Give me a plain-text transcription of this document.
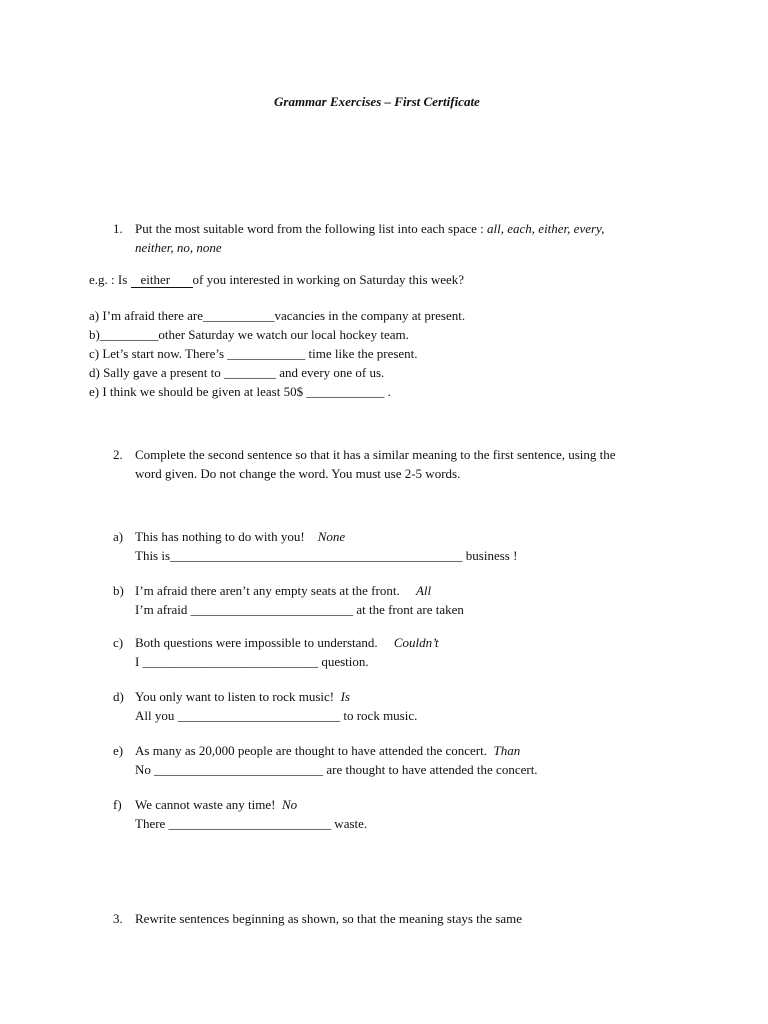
Grammar Exercises – First Certificate
1. Put the most suitable word from the following list into each space : all, each, either, every,
neither, no, none
e.g. : Is either of you interested in working on Saturday this week?
a) I’m afraid there are___________vacancies in the company at present.
b)_________other Saturday we watch our local hockey team.
c) Let’s start now. There’s ____________ time like the present.
d) Sally gave a present to ________ and every one of us.
e) I think we should be given at least 50$ ____________ .
2. Complete the second sentence so that it has a similar meaning to the first sentence, using the
word given. Do not change the word. You must use 2-5 words.
a) This has nothing to do with you! None
This is_____________________________________________ business !
b) I’m afraid there aren’t any empty seats at the front. All
I’m afraid _________________________ at the front are taken
c) Both questions were impossible to understand. Couldn’t
I ___________________________ question.
d) You only want to listen to rock music! Is
All you _________________________ to rock music.
e) As many as 20,000 people are thought to have attended the concert. Than
No __________________________ are thought to have attended the concert.
f) We cannot waste any time! No
There _________________________ waste.
3. Rewrite sentences beginning as shown, so that the meaning stays the same
